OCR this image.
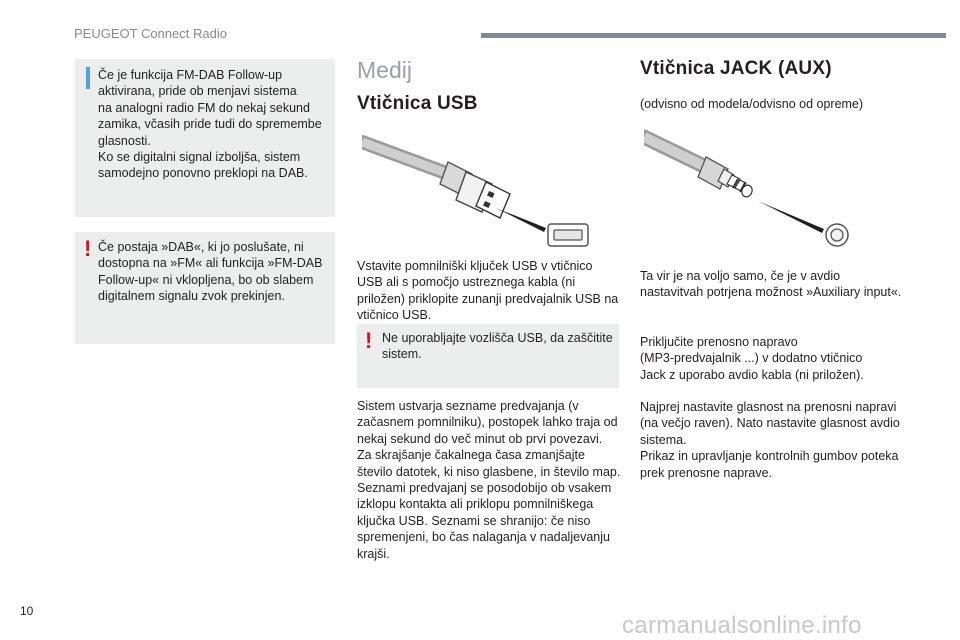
PEUGEOT Connect Radio

Če je funkcija FM-DAB Follow-up

aktivirana, pride ob menjavi sistema

na analogni radio FM do nekaj sekund

zamika, včasih pride tudi do spremembe

glasnosti.

Ko se digitalni signal izboljša, sistem

samodejno ponovno preklopi na DAB.

! Če postaja »DAB«, ki jo poslušate, ni

dostopna na »FM« ali funkcija »FM-DAB

Follow-up« ni vklopljena, bo ob slabem

digitalnem signalu zvok prekinjen.

Medij
Vtičnica USB

Vstavite pomnilniški ključek USB v vtičnico

USB ali s pomočjo ustreznega kabla (ni

priložen) priklopite zunanji predvajalnik USB na

vtičnico USB.

! Ne uporabljajte vozlišča USB, da zaščitite

sistem.

Sistem ustvarja sezname predvajanja (v

začasnem pomnilniku), postopek lahko traja od

nekaj sekund do več minut ob prvi povezavi.

Za skrajšanje čakalnega časa zmanjšajte

število datotek, ki niso glasbene, in število map.

Seznami predvajanj se posodobijo ob vsakem

izklopu kontakta ali priklopu pomnilniškega

ključka USB. Seznami se shranijo: če niso

spremenjeni, bo čas nalaganja v nadaljevanju

krajši.

Vtičnica JACK (AUX)
(odvisno od modela/odvisno od opreme)

Ta vir je na voljo samo, če je v avdio

nastavitvah potrjena možnost »Auxiliary input«.

Priključite prenosno napravo

(MP3-predvajalnik ...) v dodatno vtičnico

Jack z uporabo avdio kabla (ni priložen).

Najprej nastavite glasnost na prenosni napravi

(na večjo raven). Nato nastavite glasnost avdio

sistema.

Prikaz in upravljanje kontrolnih gumbov poteka

prek prenosne naprave.

10
carmanualsonline.info
